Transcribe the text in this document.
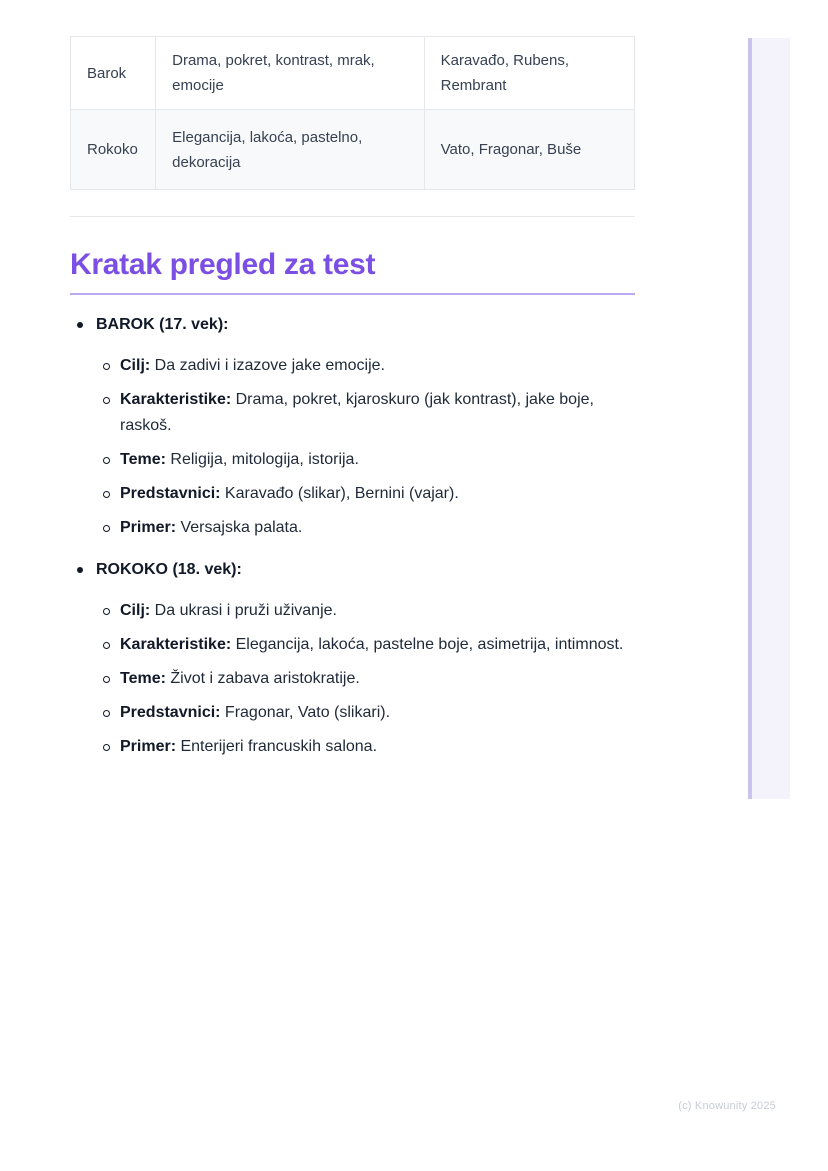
Barok	Drama, pokret, kontrast, mrak, emocije	Karavađo, Rubens, Rembrant
Rokoko	Elegancija, lakoća, pastelno, dekoracija	Vato, Fragonar, Buše
Kratak pregled za test
BAROK (17. vek):
Cilj: Da zadivi i izazove jake emocije.
Karakteristike: Drama, pokret, kjaroskuro (jak kontrast), jake boje, raskoš.
Teme: Religija, mitologija, istorija.
Predstavnici: Karavađo (slikar), Bernini (vajar).
Primer: Versajska palata.
ROKOKO (18. vek):
Cilj: Da ukrasi i pruži uživanje.
Karakteristike: Elegancija, lakoća, pastelne boje, asimetrija, intimnost.
Teme: Život i zabava aristokratije.
Predstavnici: Fragonar, Vato (slikari).
Primer: Enterijeri francuskih salona.
(c) Knowunity 2025
